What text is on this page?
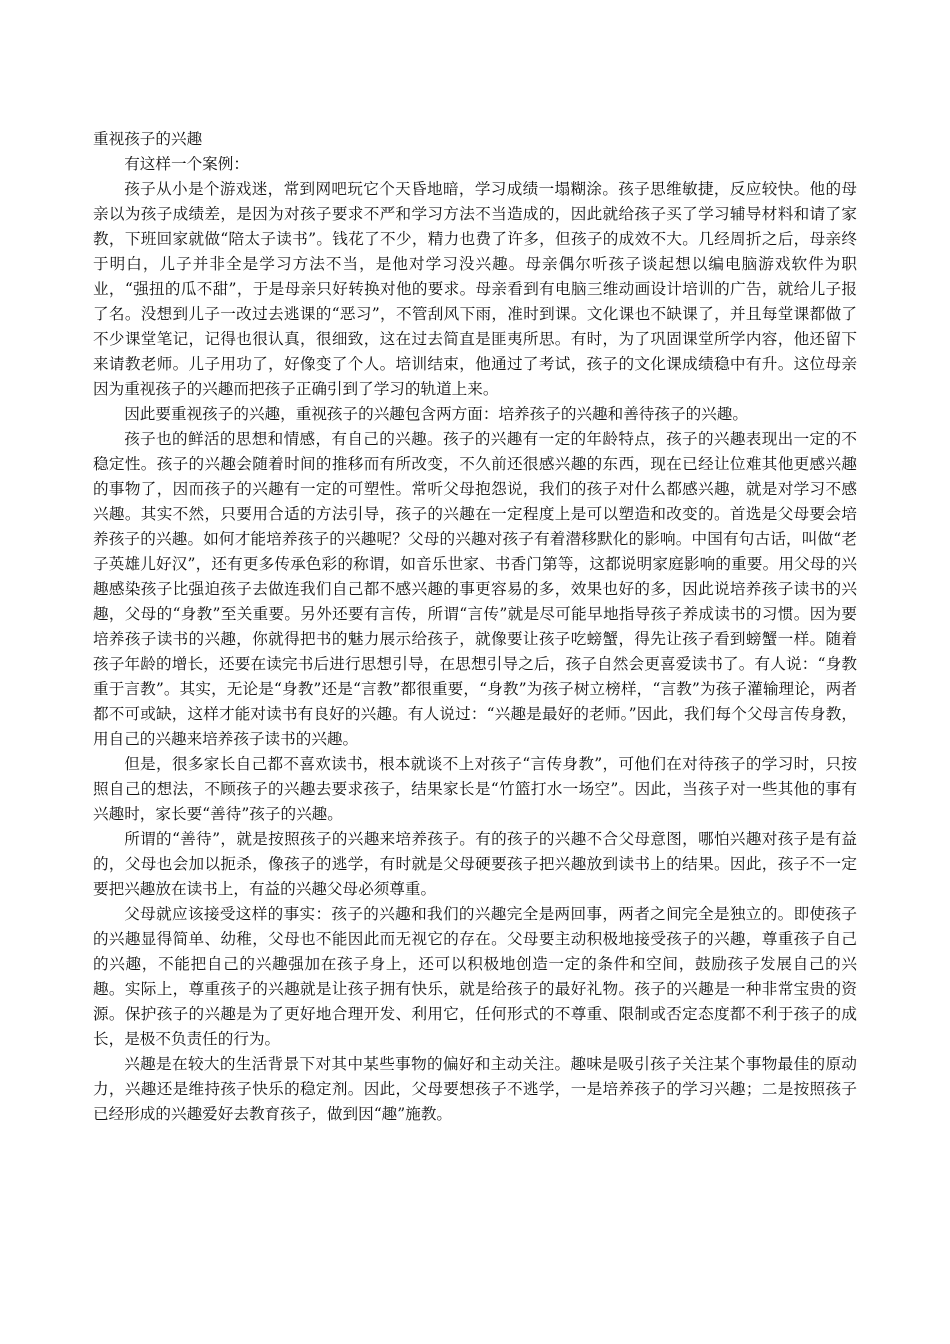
重视孩子的兴趣

有这样一个案例：

孩子从小是个游戏迷，常到网吧玩它个天昏地暗，学习成绩一塌糊涂。孩子思维敏捷，反应较快。他的母亲以为孩子成绩差，是因为对孩子要求不严和学习方法不当造成的，因此就给孩子买了学习辅导材料和请了家教，下班回家就做“陪太子读书”。钱花了不少，精力也费了许多，但孩子的成效不大。几经周折之后，母亲终于明白，儿子并非全是学习方法不当，是他对学习没兴趣。母亲偶尔听孩子谈起想以编电脑游戏软件为职业，“强扭的瓜不甜”，于是母亲只好转换对他的要求。母亲看到有电脑三维动画设计培训的广告，就给儿子报了名。没想到儿子一改过去逃课的“恶习”，不管刮风下雨，准时到课。文化课也不缺课了，并且每堂课都做了不少课堂笔记，记得也很认真，很细致，这在过去简直是匪夷所思。有时，为了巩固课堂所学内容，他还留下来请教老师。儿子用功了，好像变了个人。培训结束，他通过了考试，孩子的文化课成绩稳中有升。这位母亲因为重视孩子的兴趣而把孩子正确引到了学习的轨道上来。

因此要重视孩子的兴趣，重视孩子的兴趣包含两方面：培养孩子的兴趣和善待孩子的兴趣。

孩子也的鲜活的思想和情感，有自己的兴趣。孩子的兴趣有一定的年龄特点，孩子的兴趣表现出一定的不稳定性。孩子的兴趣会随着时间的推移而有所改变，不久前还很感兴趣的东西，现在已经让位难其他更感兴趣的事物了，因而孩子的兴趣有一定的可塑性。常听父母抱怨说，我们的孩子对什么都感兴趣，就是对学习不感兴趣。其实不然，只要用合适的方法引导，孩子的兴趣在一定程度上是可以塑造和改变的。首选是父母要会培养孩子的兴趣。如何才能培养孩子的兴趣呢？父母的兴趣对孩子有着潜移默化的影响。中国有句古话，叫做“老子英雄儿好汉”，还有更多传承色彩的称谓，如音乐世家、书香门第等，这都说明家庭影响的重要。用父母的兴趣感染孩子比强迫孩子去做连我们自己都不感兴趣的事更容易的多，效果也好的多，因此说培养孩子读书的兴趣，父母的“身教”至关重要。另外还要有言传，所谓“言传”就是尽可能早地指导孩子养成读书的习惯。因为要培养孩子读书的兴趣，你就得把书的魅力展示给孩子，就像要让孩子吃螃蟹，得先让孩子看到螃蟹一样。随着孩子年龄的增长，还要在读完书后进行思想引导，在思想引导之后，孩子自然会更喜爱读书了。有人说：“身教重于言教”。其实，无论是“身教”还是“言教”都很重要，“身教”为孩子树立榜样，“言教”为孩子灌输理论，两者都不可或缺，这样才能对读书有良好的兴趣。有人说过：“兴趣是最好的老师。”因此，我们每个父母言传身教，用自己的兴趣来培养孩子读书的兴趣。

但是，很多家长自己都不喜欢读书，根本就谈不上对孩子“言传身教”，可他们在对待孩子的学习时，只按照自己的想法，不顾孩子的兴趣去要求孩子，结果家长是“竹篮打水一场空”。因此，当孩子对一些其他的事有兴趣时，家长要“善待”孩子的兴趣。

所谓的“善待”，就是按照孩子的兴趣来培养孩子。有的孩子的兴趣不合父母意图，哪怕兴趣对孩子是有益的，父母也会加以扼杀，像孩子的逃学，有时就是父母硬要孩子把兴趣放到读书上的结果。因此，孩子不一定要把兴趣放在读书上，有益的兴趣父母必须尊重。

父母就应该接受这样的事实：孩子的兴趣和我们的兴趣完全是两回事，两者之间完全是独立的。即使孩子的兴趣显得简单、幼稚，父母也不能因此而无视它的存在。父母要主动积极地接受孩子的兴趣，尊重孩子自己的兴趣，不能把自己的兴趣强加在孩子身上，还可以积极地创造一定的条件和空间，鼓励孩子发展自己的兴趣。实际上，尊重孩子的兴趣就是让孩子拥有快乐，就是给孩子的最好礼物。孩子的兴趣是一种非常宝贵的资源。保护孩子的兴趣是为了更好地合理开发、利用它，任何形式的不尊重、限制或否定态度都不利于孩子的成长，是极不负责任的行为。

兴趣是在较大的生活背景下对其中某些事物的偏好和主动关注。趣味是吸引孩子关注某个事物最佳的原动力，兴趣还是维持孩子快乐的稳定剂。因此，父母要想孩子不逃学，一是培养孩子的学习兴趣；二是按照孩子已经形成的兴趣爱好去教育孩子，做到因“趣”施教。
